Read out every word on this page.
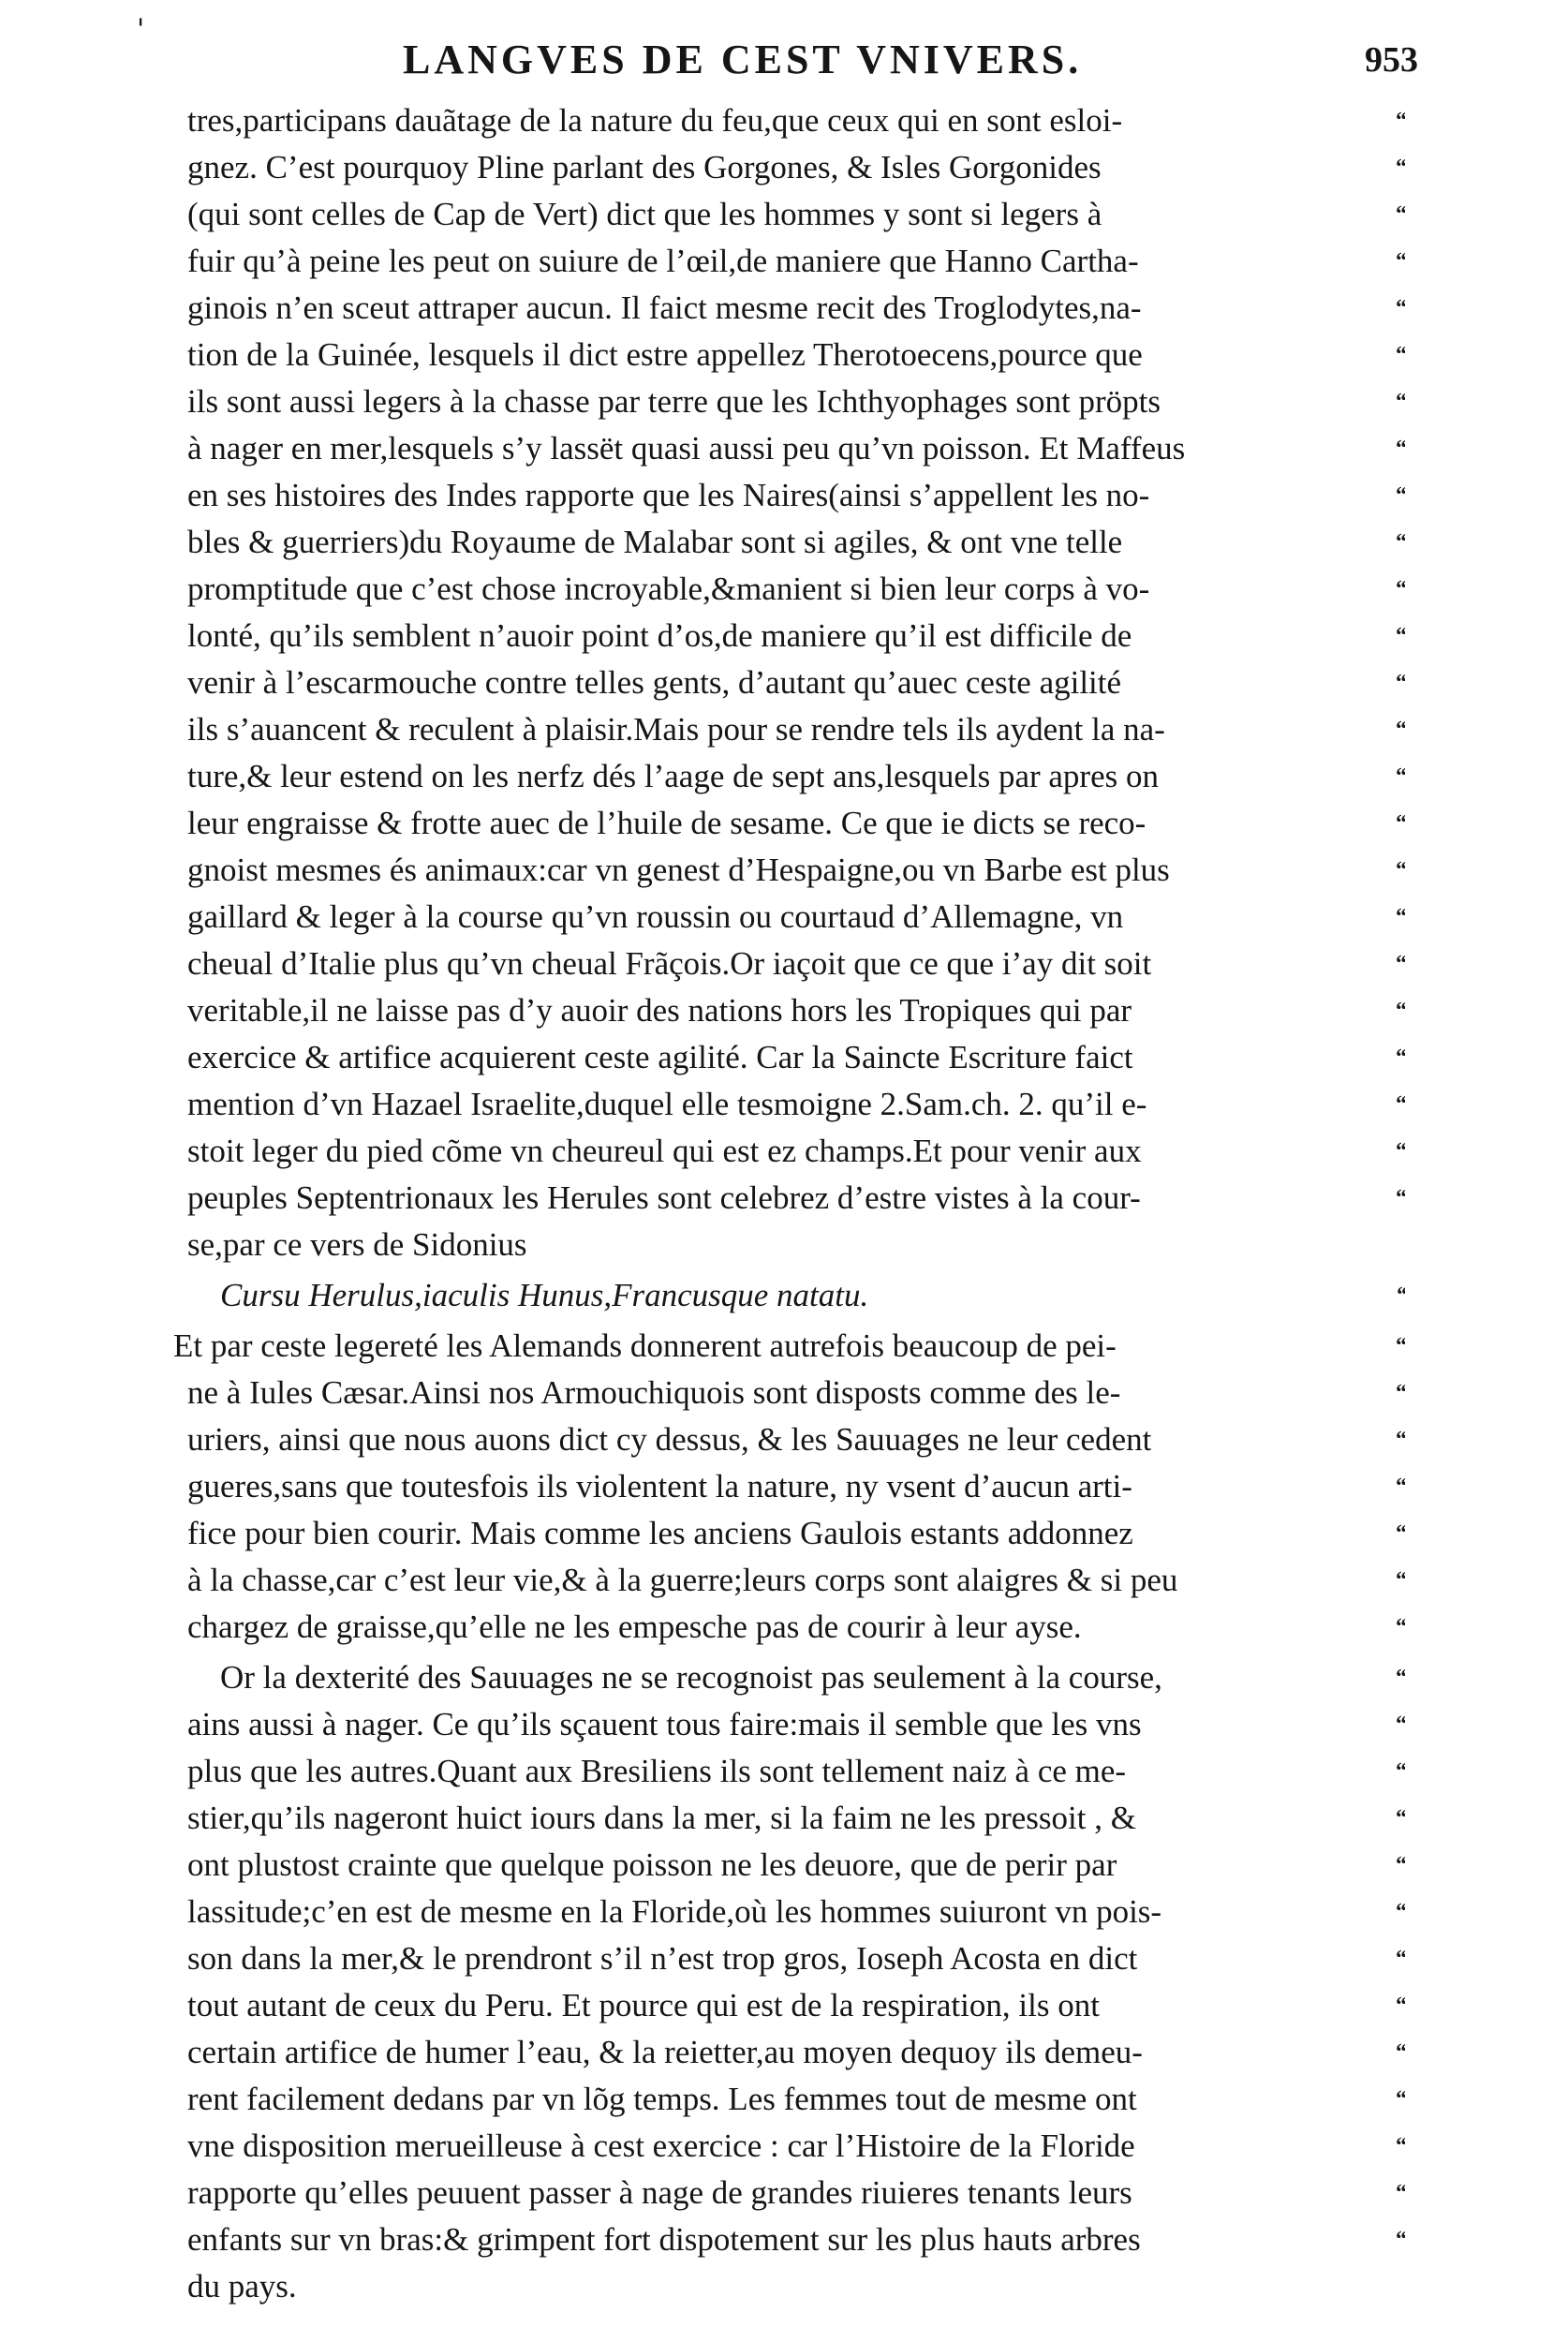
LANGVES DE CEST VNIVERS.	953
tres,participans dauãtage de la nature du feu,que ceux qui en sont esloi-	“
gnez. C’est pourquoy Pline parlant des Gorgones, & Isles Gorgonides	“
(qui sont celles de Cap de Vert) dict que les hommes y sont si legers à	“
fuir qu’à peine les peut on suiure de l’œil,de maniere que Hanno Cartha-	“
ginois n’en sceut attraper aucun. Il faict mesme recit des Troglodytes,na-	“
tion de la Guinée, lesquels il dict estre appellez Therotoecens,pource que	“
ils sont aussi legers à la chasse par terre que les Ichthyophages sont pröpts	“
à nager en mer,lesquels s’y lassët quasi aussi peu qu’vn poisson. Et Maffeus	“
en ses histoires des Indes rapporte que les Naires(ainsi s’appellent les no-	“
bles & guerriers)du Royaume de Malabar sont si agiles, & ont vne telle	“
promptitude que c’est chose incroyable,&manient si bien leur corps à vo-	“
lonté, qu’ils semblent n’auoir point d’os,de maniere qu’il est difficile de	“
venir à l’escarmouche contre telles gents, d’autant qu’auec ceste agilité	“
ils s’auancent & reculent à plaisir.Mais pour se rendre tels ils aydent la na-	“
ture,& leur estend on les nerfz dés l’aage de sept ans,lesquels par apres on	“
leur engraisse & frotte auec de l’huile de sesame. Ce que ie dicts se reco-	“
gnoist mesmes és animaux:car vn genest d’Hespaigne,ou vn Barbe est plus	“
gaillard & leger à la course qu’vn roussin ou courtaud d’Allemagne, vn	“
cheual d’Italie plus qu’vn cheual Frãçois.Or iaçoit que ce que i’ay dit soit	“
veritable,il ne laisse pas d’y auoir des nations hors les Tropiques qui par	“
exercice & artifice acquierent ceste agilité. Car la Saincte Escriture faict	“
mention d’vn Hazael Israelite,duquel elle tesmoigne 2.Sam.ch. 2. qu’il e-	“
stoit leger du pied cõme vn cheureul qui est ez champs.Et pour venir aux	“
peuples Septentrionaux les Herules sont celebrez d’estre vistes à la cour-	“
se,par ce vers de Sidonius
Cursu Herulus,iaculis Hunus,Francusque natatu.	“
Et par ceste legereté les Alemands donnerent autrefois beaucoup de pei-	“
ne à Iules Cæsar.Ainsi nos Armouchiquois sont disposts comme des le-	“
uriers, ainsi que nous auons dict cy dessus, & les Sauuages ne leur cedent	“
gueres,sans que toutesfois ils violentent la nature, ny vsent d’aucun arti-	“
fice pour bien courir. Mais comme les anciens Gaulois estants addonnez	“
à la chasse,car c’est leur vie,& à la guerre;leurs corps sont alaigres & si peu	“
chargez de graisse,qu’elle ne les empesche pas de courir à leur ayse.	“
Or la dexterité des Sauuages ne se recognoist pas seulement à la course,	“
ains aussi à nager. Ce qu’ils sçauent tous faire:mais il semble que les vns	“
plus que les autres.Quant aux Bresiliens ils sont tellement naiz à ce me-	“
stier,qu’ils nageront huict iours dans la mer, si la faim ne les pressoit , &	“
ont plustost crainte que quelque poisson ne les deuore, que de perir par	“
lassitude;c’en est de mesme en la Floride,où les hommes suiuront vn pois-	“
son dans la mer,& le prendront s’il n’est trop gros, Ioseph Acosta en dict	“
tout autant de ceux du Peru. Et pource qui est de la respiration, ils ont	“
certain artifice de humer l’eau, & la reietter,au moyen dequoy ils demeu-	“
rent facilement dedans par vn lõg temps. Les femmes tout de mesme ont	“
vne disposition merueilleuse à cest exercice : car l’Histoire de la Floride	“
rapporte qu’elles peuuent passer à nage de grandes riuieres tenants leurs	“
enfants sur vn bras:& grimpent fort dispotement sur les plus hauts arbres	“
du pays.
'
